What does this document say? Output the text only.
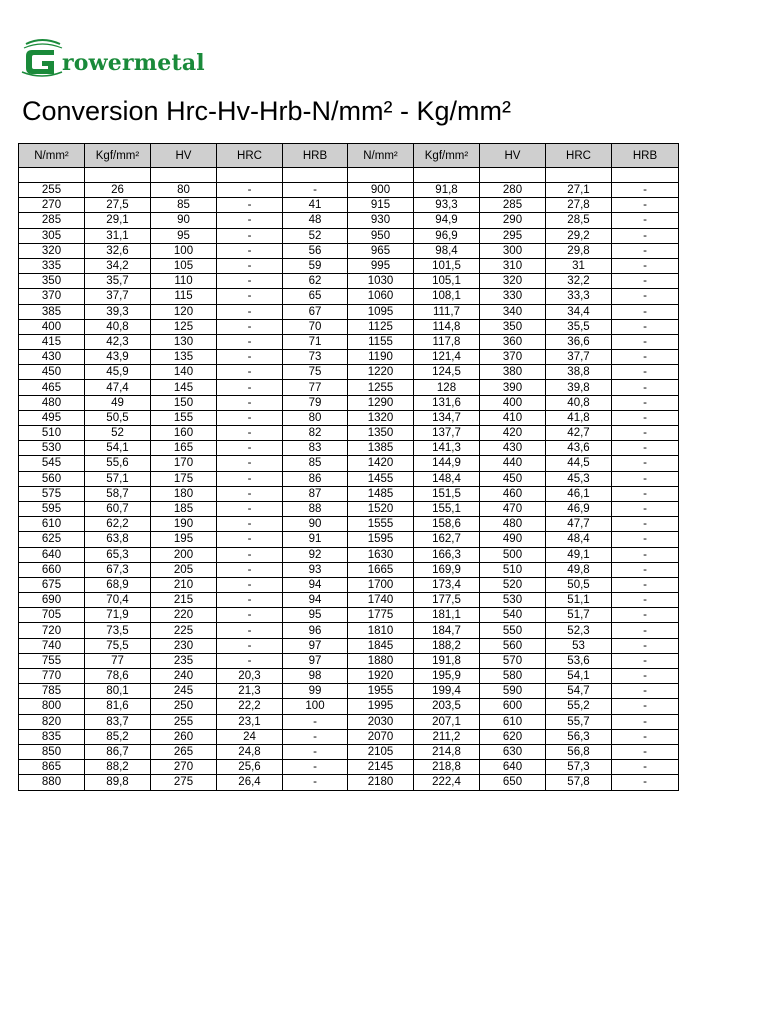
rowermetal
Conversion Hrc-Hv-Hrb-N/mm² - Kg/mm²
N/mm²	Kgf/mm²	HV	HRC	HRB	N/mm²	Kgf/mm²	HV	HRC	HRB

255	26	80	-	-	900	91,8	280	27,1	-
270	27,5	85	-	41	915	93,3	285	27,8	-
285	29,1	90	-	48	930	94,9	290	28,5	-
305	31,1	95	-	52	950	96,9	295	29,2	-
320	32,6	100	-	56	965	98,4	300	29,8	-
335	34,2	105	-	59	995	101,5	310	31	-
350	35,7	110	-	62	1030	105,1	320	32,2	-
370	37,7	115	-	65	1060	108,1	330	33,3	-
385	39,3	120	-	67	1095	111,7	340	34,4	-
400	40,8	125	-	70	1125	114,8	350	35,5	-
415	42,3	130	-	71	1155	117,8	360	36,6	-
430	43,9	135	-	73	1190	121,4	370	37,7	-
450	45,9	140	-	75	1220	124,5	380	38,8	-
465	47,4	145	-	77	1255	128	390	39,8	-
480	49	150	-	79	1290	131,6	400	40,8	-
495	50,5	155	-	80	1320	134,7	410	41,8	-
510	52	160	-	82	1350	137,7	420	42,7	-
530	54,1	165	-	83	1385	141,3	430	43,6	-
545	55,6	170	-	85	1420	144,9	440	44,5	-
560	57,1	175	-	86	1455	148,4	450	45,3	-
575	58,7	180	-	87	1485	151,5	460	46,1	-
595	60,7	185	-	88	1520	155,1	470	46,9	-
610	62,2	190	-	90	1555	158,6	480	47,7	-
625	63,8	195	-	91	1595	162,7	490	48,4	-
640	65,3	200	-	92	1630	166,3	500	49,1	-
660	67,3	205	-	93	1665	169,9	510	49,8	-
675	68,9	210	-	94	1700	173,4	520	50,5	-
690	70,4	215	-	94	1740	177,5	530	51,1	-
705	71,9	220	-	95	1775	181,1	540	51,7	-
720	73,5	225	-	96	1810	184,7	550	52,3	-
740	75,5	230	-	97	1845	188,2	560	53	-
755	77	235	-	97	1880	191,8	570	53,6	-
770	78,6	240	20,3	98	1920	195,9	580	54,1	-
785	80,1	245	21,3	99	1955	199,4	590	54,7	-
800	81,6	250	22,2	100	1995	203,5	600	55,2	-
820	83,7	255	23,1	-	2030	207,1	610	55,7	-
835	85,2	260	24	-	2070	211,2	620	56,3	-
850	86,7	265	24,8	-	2105	214,8	630	56,8	-
865	88,2	270	25,6	-	2145	218,8	640	57,3	-
880	89,8	275	26,4	-	2180	222,4	650	57,8	-
